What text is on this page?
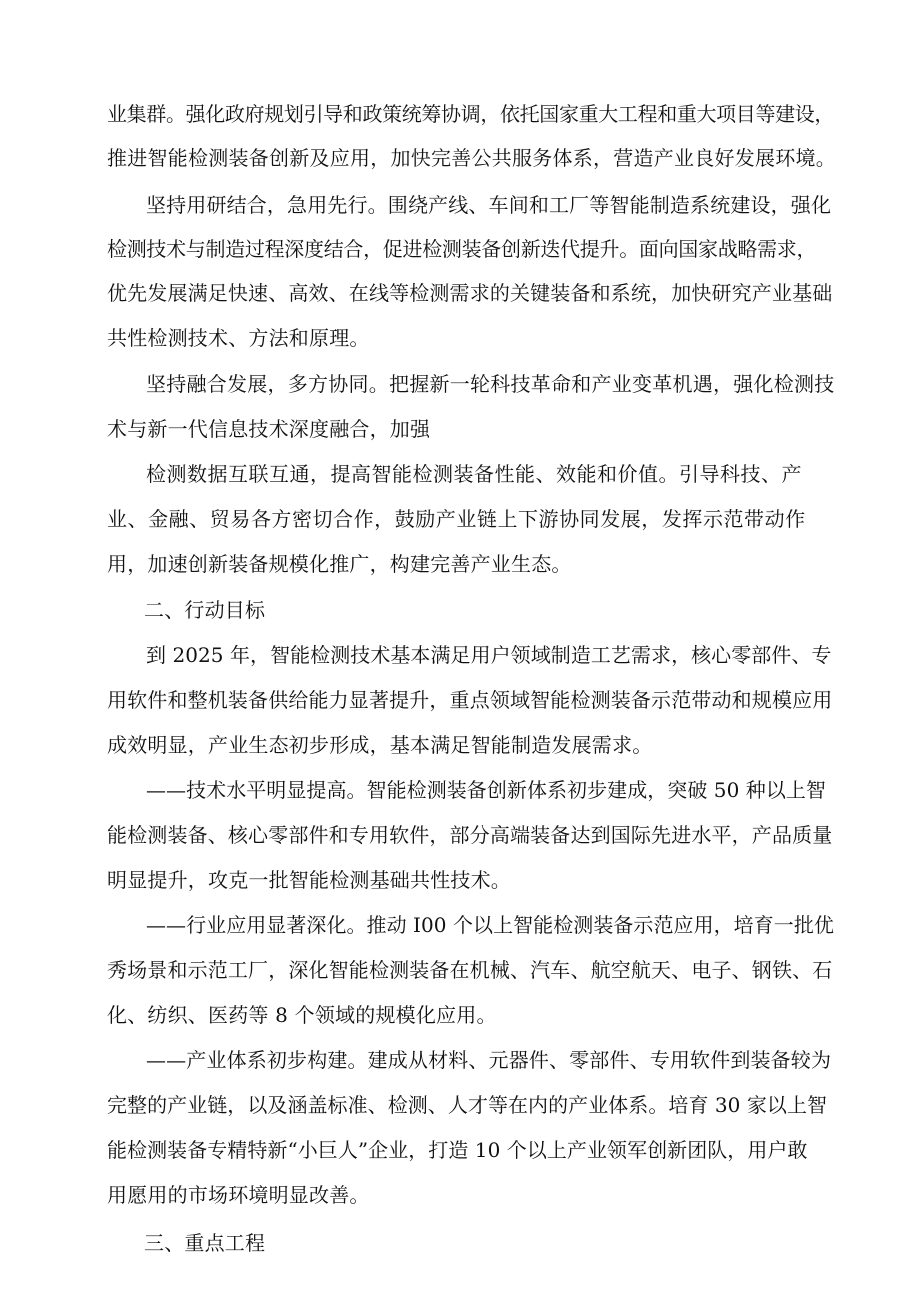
业集群。强化政府规划引导和政策统筹协调，依托国家重大工程和重大项目等建设，
推进智能检测装备创新及应用，加快完善公共服务体系，营造产业良好发展环境。
坚持用研结合，急用先行。围绕产线、车间和工厂等智能制造系统建设，强化
检测技术与制造过程深度结合，促进检测装备创新迭代提升。面向国家战略需求，
优先发展满足快速、高效、在线等检测需求的关键装备和系统，加快研究产业基础
共性检测技术、方法和原理。
坚持融合发展，多方协同。把握新一轮科技革命和产业变革机遇，强化检测技
术与新一代信息技术深度融合，加强
检测数据互联互通，提高智能检测装备性能、效能和价值。引导科技、产
业、金融、贸易各方密切合作，鼓励产业链上下游协同发展，发挥示范带动作
用，加速创新装备规模化推广，构建完善产业生态。
二、行动目标
到 2025 年，智能检测技术基本满足用户领域制造工艺需求，核心零部件、专
用软件和整机装备供给能力显著提升，重点领域智能检测装备示范带动和规模应用
成效明显，产业生态初步形成，基本满足智能制造发展需求。
——技术水平明显提高。智能检测装备创新体系初步建成，突破 50 种以上智
能检测装备、核心零部件和专用软件，部分高端装备达到国际先进水平，产品质量
明显提升，攻克一批智能检测基础共性技术。
——行业应用显著深化。推动 I00 个以上智能检测装备示范应用，培育一批优
秀场景和示范工厂，深化智能检测装备在机械、汽车、航空航天、电子、钢铁、石
化、纺织、医药等 8 个领域的规模化应用。
——产业体系初步构建。建成从材料、元器件、零部件、专用软件到装备较为
完整的产业链，以及涵盖标准、检测、人才等在内的产业体系。培育 30 家以上智
能检测装备专精特新“小巨人”企业，打造 10 个以上产业领军创新团队，用户敢
用愿用的市场环境明显改善。
三、重点工程
